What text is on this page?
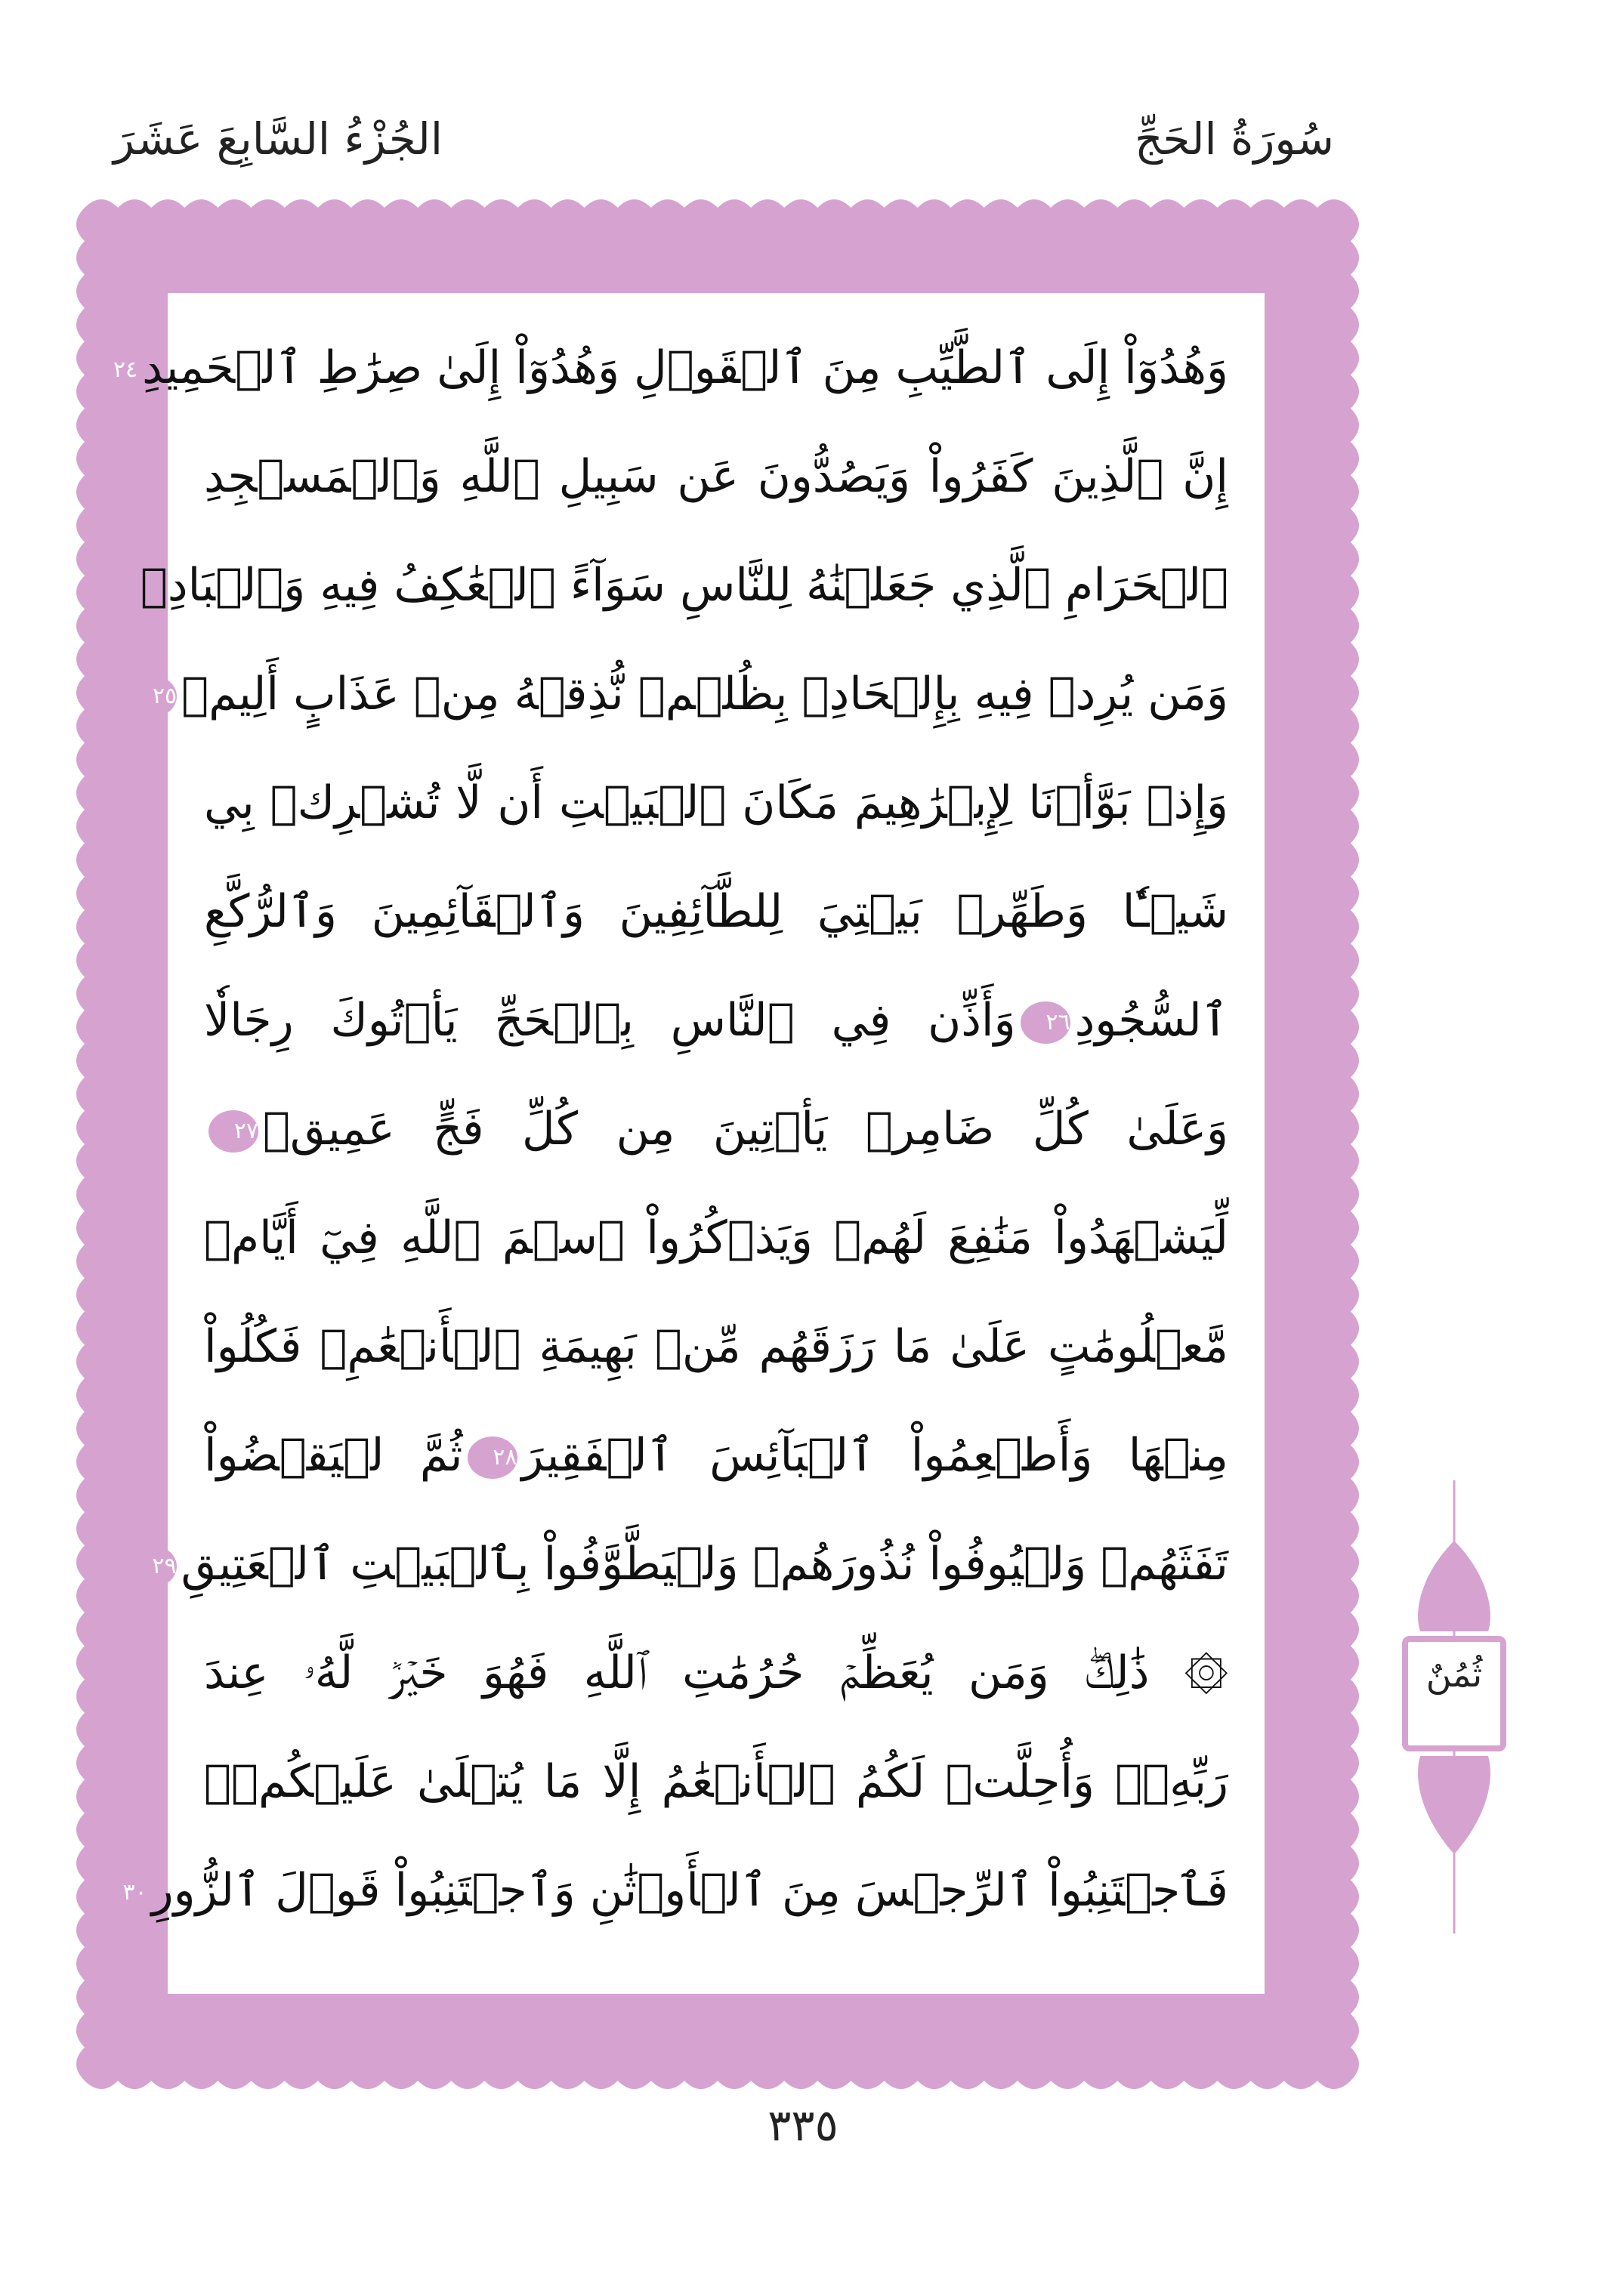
سُورَةُ الحَجِّ
الجُزْءُ السَّابِعَ عَشَرَ
وَهُدُوٓاْ إِلَى ٱلطَّيِّبِ مِنَ ٱلۡقَوۡلِ وَهُدُوٓاْ إِلَىٰ صِرَٰطِ ٱلۡحَمِيدِ٢٤
إِنَّ ٱلَّذِينَ كَفَرُواْ وَيَصُدُّونَ عَن سَبِيلِ ٱللَّهِ وَٱلۡمَسۡجِدِ
ٱلۡحَرَامِ ٱلَّذِي جَعَلۡنَٰهُ لِلنَّاسِ سَوَآءً ٱلۡعَٰكِفُ فِيهِ وَٱلۡبَادِۚ
وَمَن يُرِدۡ فِيهِ بِإِلۡحَادِۭ بِظُلۡمٖ نُّذِقۡهُ مِنۡ عَذَابٍ أَلِيمٖ٢٥
وَإِذۡ بَوَّأۡنَا لِإِبۡرَٰهِيمَ مَكَانَ ٱلۡبَيۡتِ أَن لَّا تُشۡرِكۡ بِي
شَيۡـٔٗا وَطَهِّرۡ بَيۡتِيَ لِلطَّآئِفِينَ وَٱلۡقَآئِمِينَ وَٱلرُّكَّعِ
ٱلسُّجُودِ٢٦وَأَذِّن فِي ٱلنَّاسِ بِٱلۡحَجِّ يَأۡتُوكَ رِجَالٗا
وَعَلَىٰ كُلِّ ضَامِرٖ يَأۡتِينَ مِن كُلِّ فَجٍّ عَمِيقٖ٢٧
لِّيَشۡهَدُواْ مَنَٰفِعَ لَهُمۡ وَيَذۡكُرُواْ ٱسۡمَ ٱللَّهِ فِيٓ أَيَّامٖ
مَّعۡلُومَٰتٍ عَلَىٰ مَا رَزَقَهُم مِّنۢ بَهِيمَةِ ٱلۡأَنۡعَٰمِۖ فَكُلُواْ
مِنۡهَا وَأَطۡعِمُواْ ٱلۡبَآئِسَ ٱلۡفَقِيرَ٢٨ثُمَّ لۡيَقۡضُواْ
تَفَثَهُمۡ وَلۡيُوفُواْ نُذُورَهُمۡ وَلۡيَطَّوَّفُواْ بِٱلۡبَيۡتِ ٱلۡعَتِيقِ٢٩
۞ ذَٰلِكَۖ وَمَن يُعَظِّمۡ حُرُمَٰتِ ٱللَّهِ فَهُوَ خَيۡرٞ لَّهُۥ عِندَ
رَبِّهِۦۗ وَأُحِلَّتۡ لَكُمُ ٱلۡأَنۡعَٰمُ إِلَّا مَا يُتۡلَىٰ عَلَيۡكُمۡۖ
فَٱجۡتَنِبُواْ ٱلرِّجۡسَ مِنَ ٱلۡأَوۡثَٰنِ وَٱجۡتَنِبُواْ قَوۡلَ ٱلزُّورِ٣٠
ثُمُنٌ
٣٣٥
